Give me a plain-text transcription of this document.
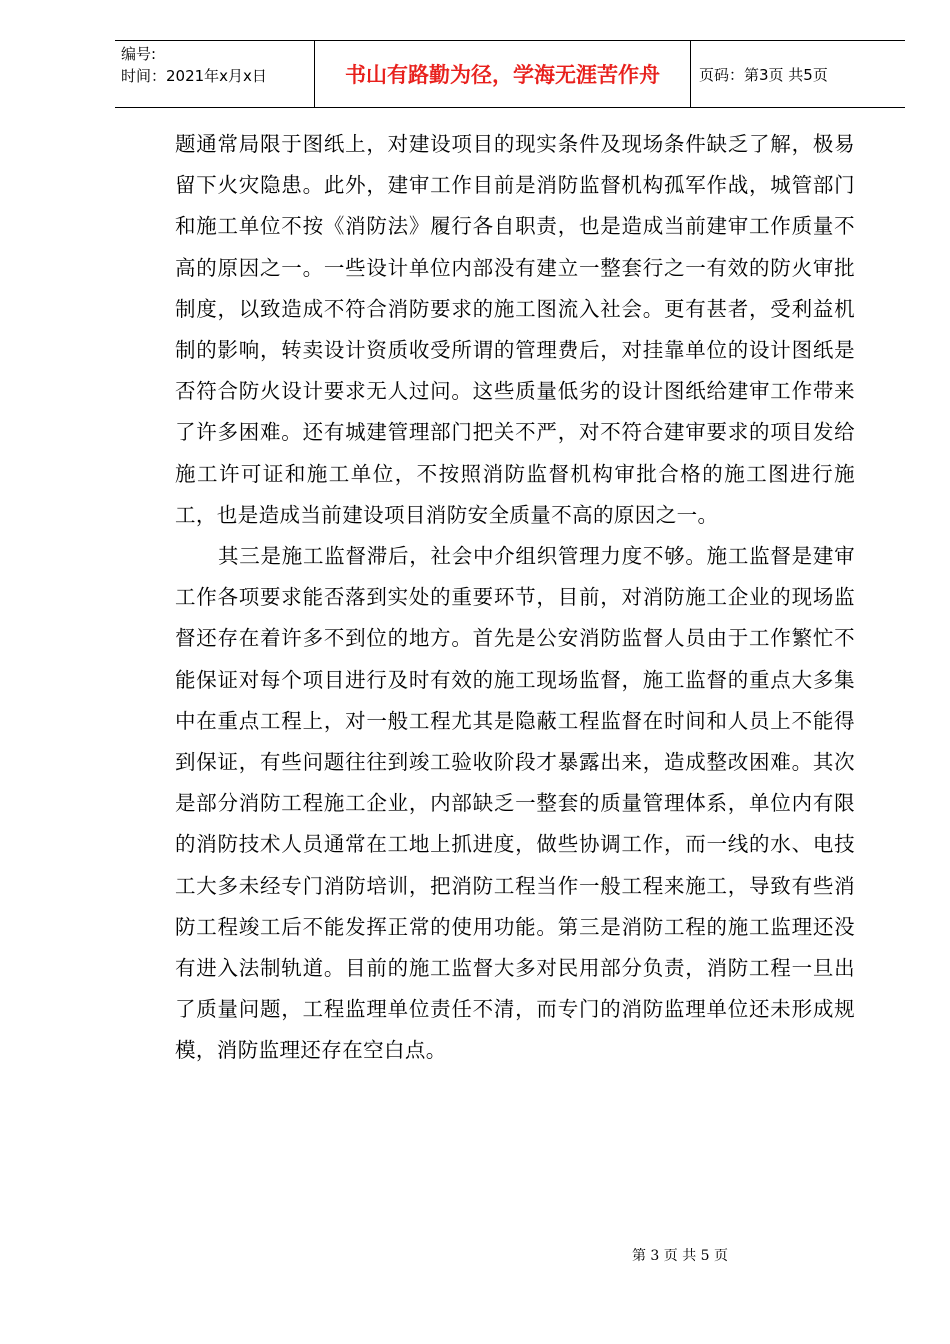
编号:
时间：2021年x月x日	书山有路勤为径，学海无涯苦作舟	页码：第3页 共5页

题通常局限于图纸上，对建设项目的现实条件及现场条件缺乏了解，极易留下火灾隐患。此外，建审工作目前是消防监督机构孤军作战，城管部门和施工单位不按《消防法》履行各自职责，也是造成当前建审工作质量不高的原因之一。一些设计单位内部没有建立一整套行之一有效的防火审批制度，以致造成不符合消防要求的施工图流入社会。更有甚者，受利益机制的影响，转卖设计资质收受所谓的管理费后，对挂靠单位的设计图纸是否符合防火设计要求无人过问。这些质量低劣的设计图纸给建审工作带来了许多困难。还有城建管理部门把关不严，对不符合建审要求的项目发给施工许可证和施工单位，不按照消防监督机构审批合格的施工图进行施工，也是造成当前建设项目消防安全质量不高的原因之一。

其三是施工监督滞后，社会中介组织管理力度不够。施工监督是建审工作各项要求能否落到实处的重要环节，目前，对消防施工企业的现场监督还存在着许多不到位的地方。首先是公安消防监督人员由于工作繁忙不能保证对每个项目进行及时有效的施工现场监督，施工监督的重点大多集中在重点工程上，对一般工程尤其是隐蔽工程监督在时间和人员上不能得到保证，有些问题往往到竣工验收阶段才暴露出来，造成整改困难。其次是部分消防工程施工企业，内部缺乏一整套的质量管理体系，单位内有限的消防技术人员通常在工地上抓进度，做些协调工作，而一线的水、电技工大多未经专门消防培训，把消防工程当作一般工程来施工，导致有些消防工程竣工后不能发挥正常的使用功能。第三是消防工程的施工监理还没有进入法制轨道。目前的施工监督大多对民用部分负责，消防工程一旦出了质量问题，工程监理单位责任不清，而专门的消防监理单位还未形成规模，消防监理还存在空白点。

第 3 页 共 5 页
